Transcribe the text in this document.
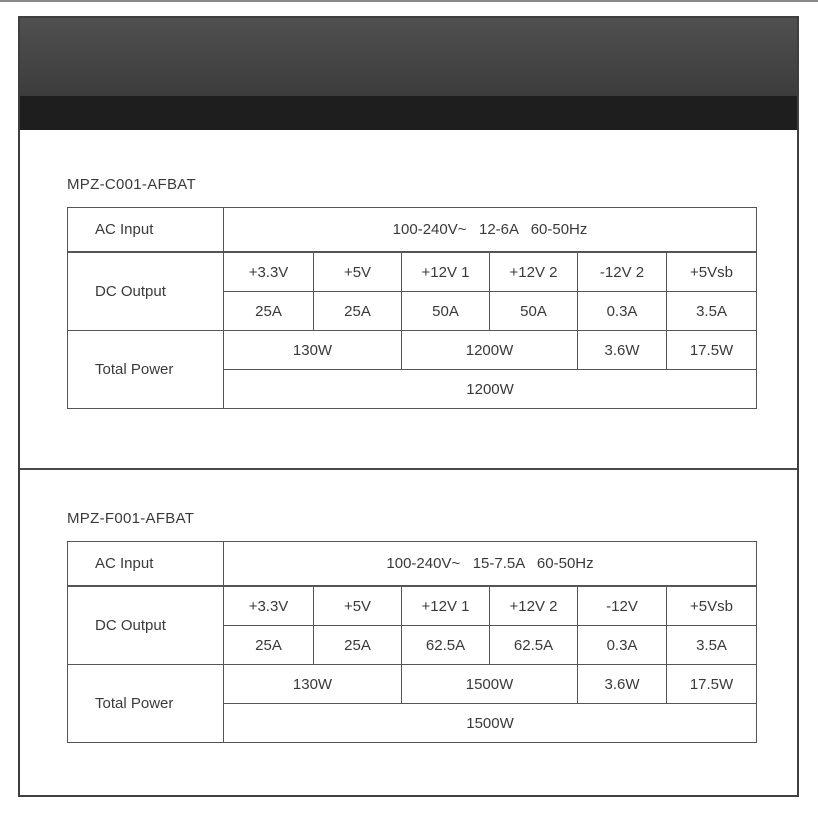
MPZ-C001-AFBAT
AC Input	100-240V~   12-6A   60-50Hz					
DC Output	+3.3V	+5V	+12V 1	+12V 2	-12V 2	+5Vsb
	25A	25A	50A	50A	0.3A	3.5A
Total Power	130W		1200W		3.6W	17.5W
	1200W					
MPZ-F001-AFBAT
AC Input	100-240V~   15-7.5A   60-50Hz					
DC Output	+3.3V	+5V	+12V 1	+12V 2	-12V	+5Vsb
	25A	25A	62.5A	62.5A	0.3A	3.5A
Total Power	130W		1500W		3.6W	17.5W
	1500W					
